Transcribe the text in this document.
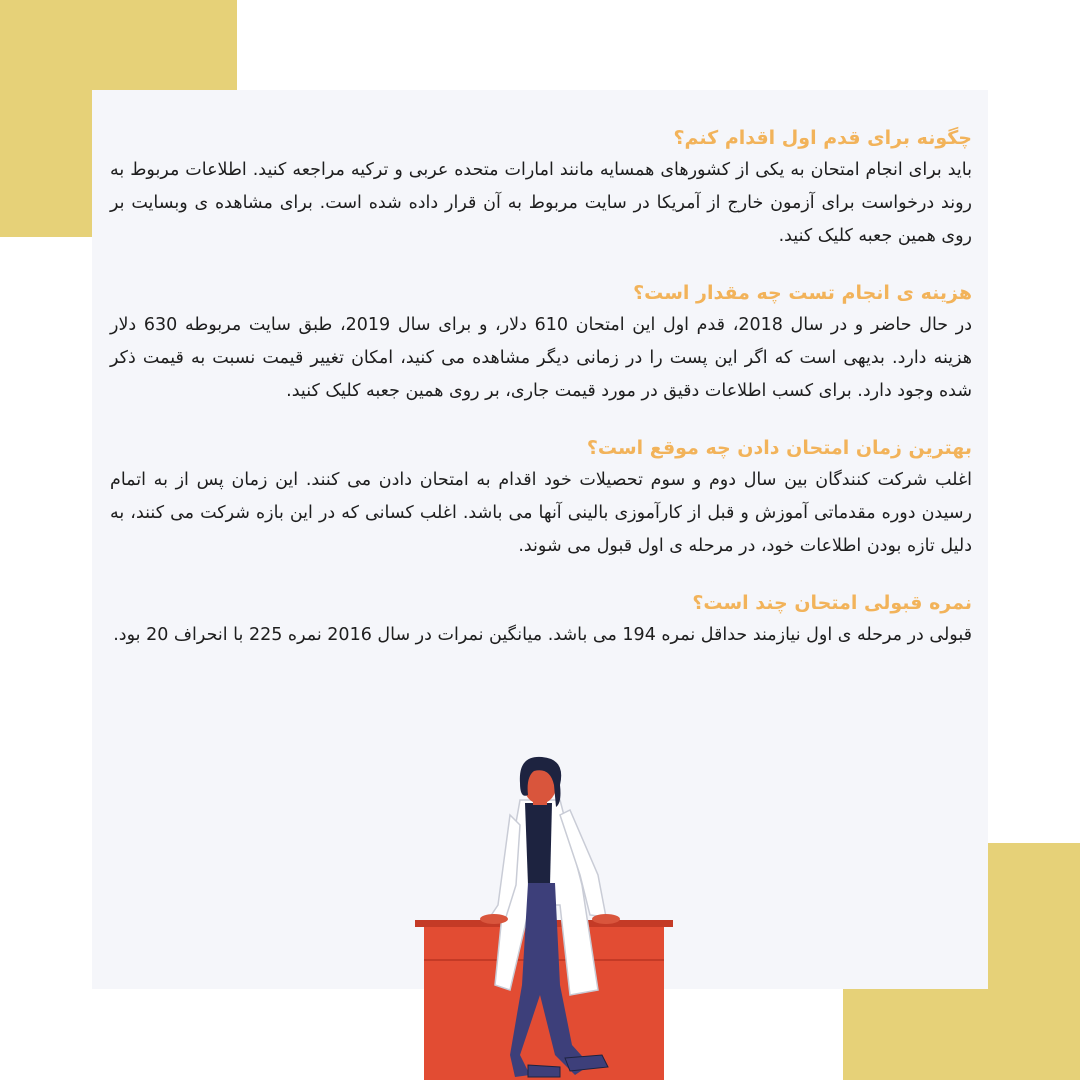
چگونه برای قدم اول اقدام کنم؟

باید برای انجام امتحان به یکی از کشورهای همسایه مانند امارات متحده عربی و ترکیه مراجعه کنید. اطلاعات مربوط به روند درخواست برای آزمون خارج از آمریکا در سایت مربوط به آن قرار داده شده است. برای مشاهده ی وبسایت بر روی همین جعبه کلیک کنید.

هزینه ی انجام تست چه مقدار است؟

در حال حاضر و در سال 2018، قدم اول این امتحان 610 دلار، و برای سال 2019، طبق سایت مربوطه 630 دلار هزینه دارد. بدیهی است که اگر این پست را در زمانی دیگر مشاهده می کنید، امکان تغییر قیمت نسبت به قیمت ذکر شده وجود دارد. برای کسب اطلاعات دقیق در مورد قیمت جاری، بر روی همین جعبه کلیک کنید.

بهترین زمان امتحان دادن چه موقع است؟

اغلب شرکت کنندگان بین سال دوم و سوم تحصیلات خود اقدام به امتحان دادن می کنند. این زمان پس از به اتمام رسیدن دوره مقدماتی آموزش و قبل از کارآموزی بالینی آنها می باشد. اغلب کسانی که در این بازه شرکت می کنند، به دلیل تازه بودن اطلاعات خود، در مرحله ی اول قبول می شوند.

نمره قبولی امتحان چند است؟

قبولی در مرحله ی اول نیازمند حداقل نمره 194 می باشد. میانگین نمرات در سال 2016 نمره 225 با انحراف 20 بود.
